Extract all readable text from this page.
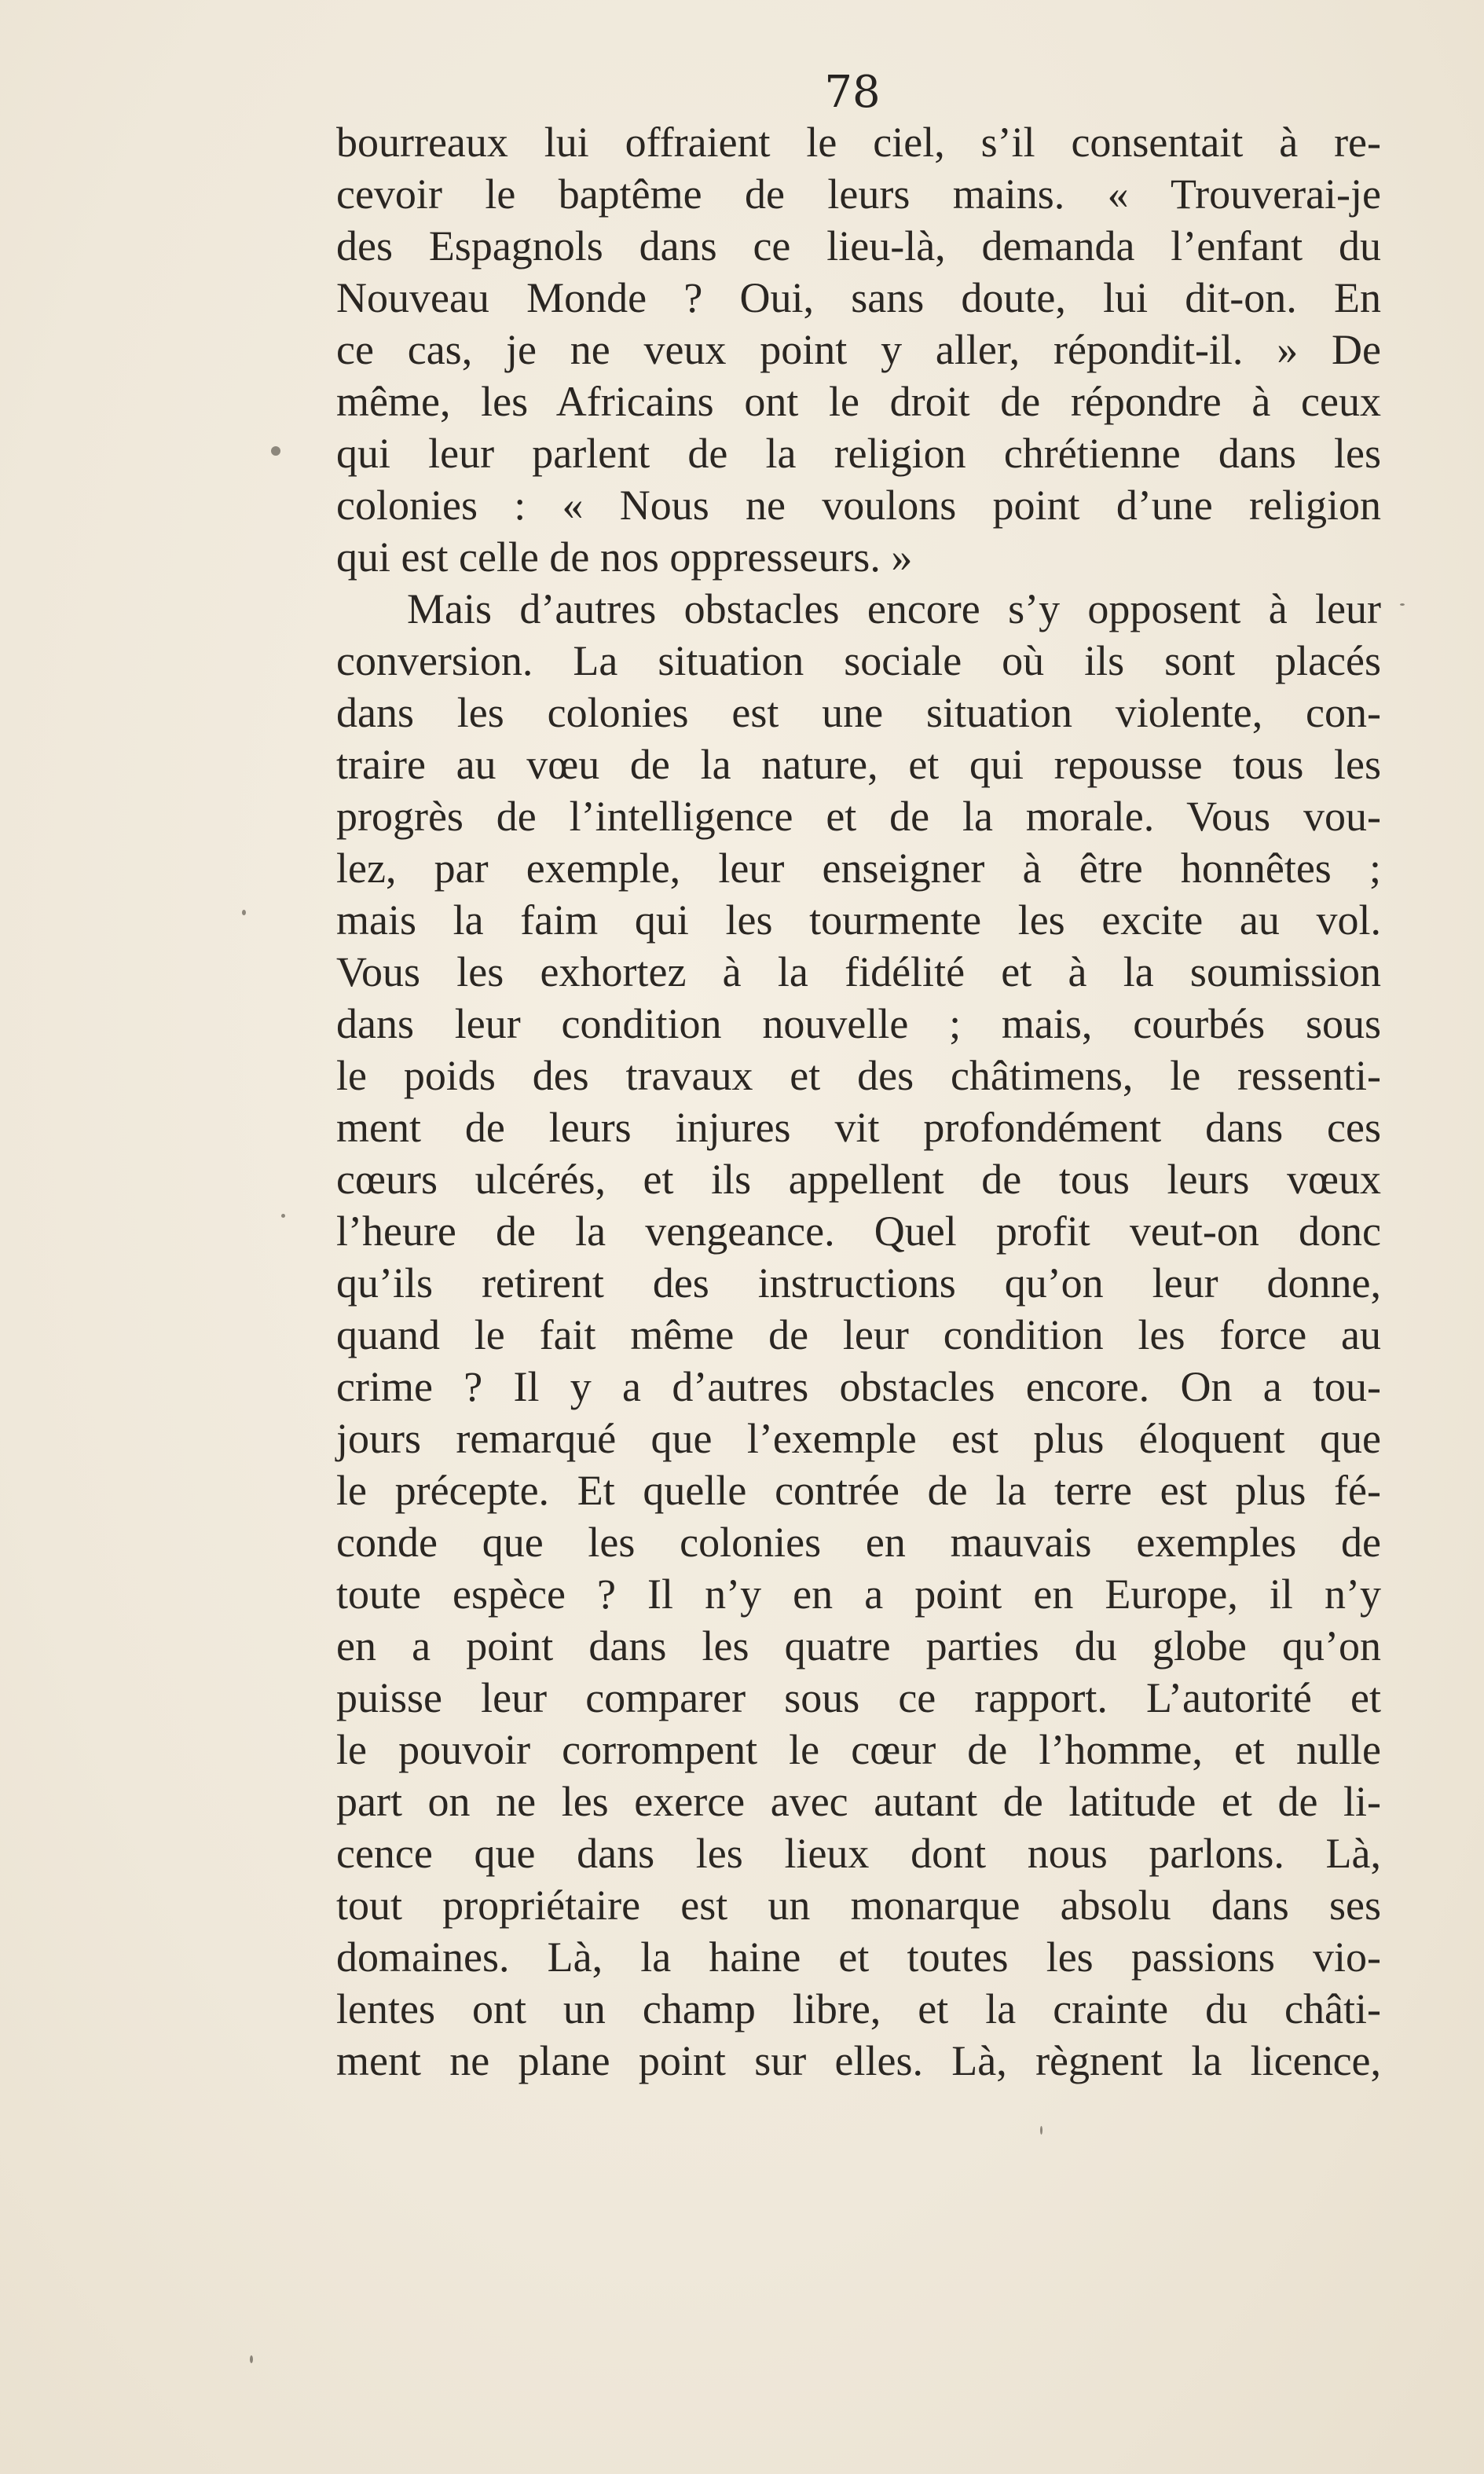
78
bourreaux lui offraient le ciel, s’il consentait à re-
cevoir le baptême de leurs mains. « Trouverai-je
des Espagnols dans ce lieu-là, demanda l’enfant du
Nouveau Monde ? Oui, sans doute, lui dit-on. En
ce cas, je ne veux point y aller, répondit-il. » De
même, les Africains ont le droit de répondre à ceux
qui leur parlent de la religion chrétienne dans les
colonies : « Nous ne voulons point d’une religion
qui est celle de nos oppresseurs. »
Mais d’autres obstacles encore s’y opposent à leur
conversion. La situation sociale où ils sont placés
dans les colonies est une situation violente, con-
traire au vœu de la nature, et qui repousse tous les
progrès de l’intelligence et de la morale. Vous vou-
lez, par exemple, leur enseigner à être honnêtes ;
mais la faim qui les tourmente les excite au vol.
Vous les exhortez à la fidélité et à la soumission
dans leur condition nouvelle ; mais, courbés sous
le poids des travaux et des châtimens, le ressenti-
ment de leurs injures vit profondément dans ces
cœurs ulcérés, et ils appellent de tous leurs vœux
l’heure de la vengeance. Quel profit veut-on donc
qu’ils retirent des instructions qu’on leur donne,
quand le fait même de leur condition les force au
crime ? Il y a d’autres obstacles encore. On a tou-
jours remarqué que l’exemple est plus éloquent que
le précepte. Et quelle contrée de la terre est plus fé-
conde que les colonies en mauvais exemples de
toute espèce ? Il n’y en a point en Europe, il n’y
en a point dans les quatre parties du globe qu’on
puisse leur comparer sous ce rapport. L’autorité et
le pouvoir corrompent le cœur de l’homme, et nulle
part on ne les exerce avec autant de latitude et de li-
cence que dans les lieux dont nous parlons. Là,
tout propriétaire est un monarque absolu dans ses
domaines. Là, la haine et toutes les passions vio-
lentes ont un champ libre, et la crainte du châti-
ment ne plane point sur elles. Là, règnent la licence,
